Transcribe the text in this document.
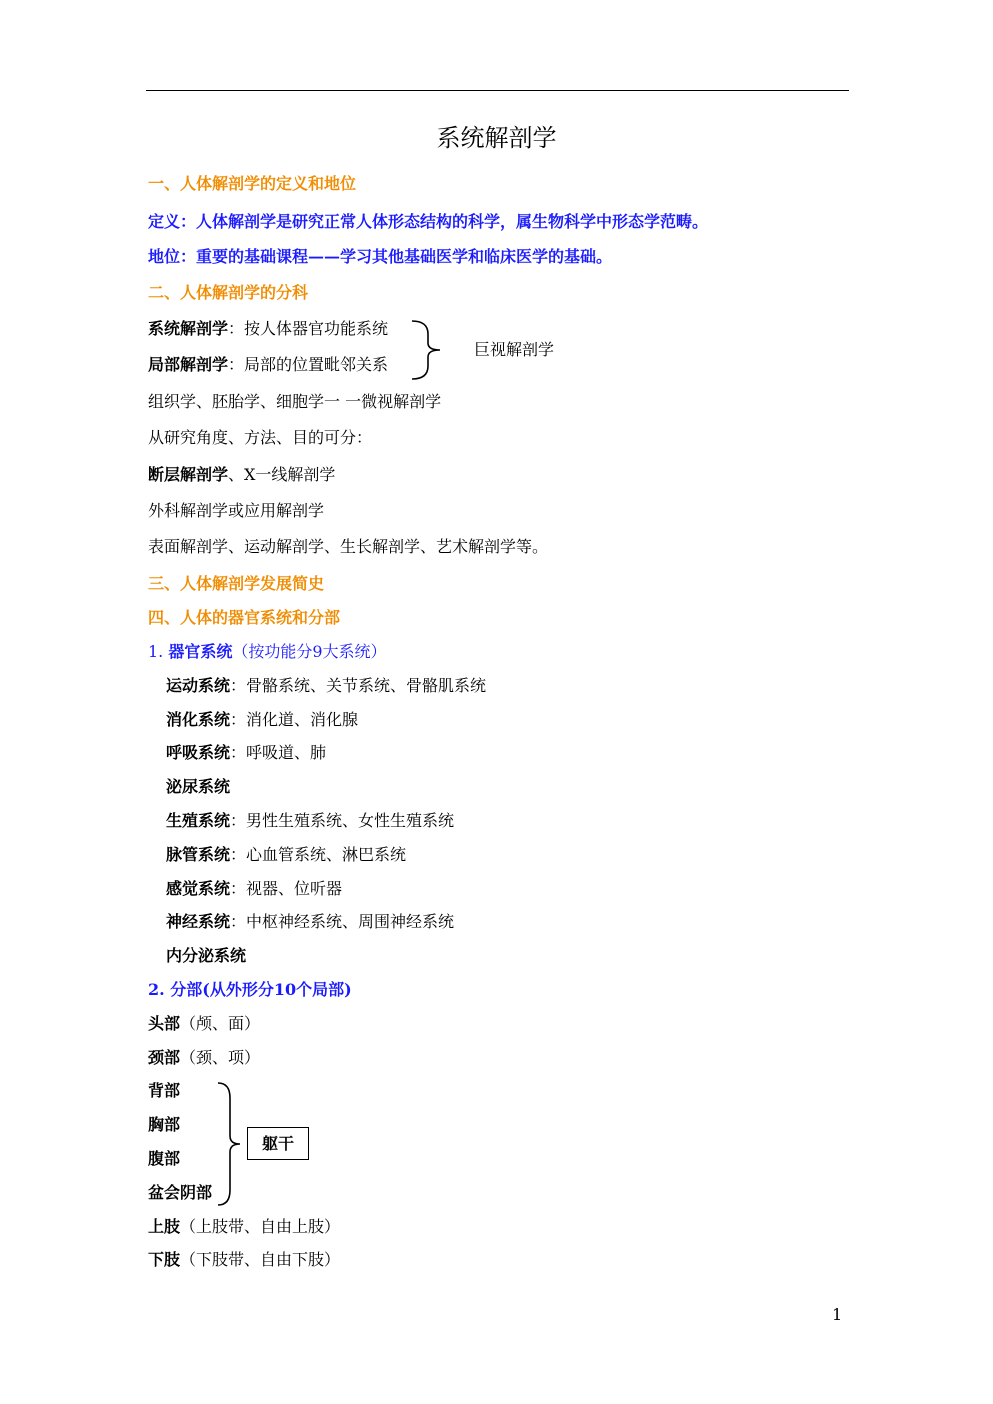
系统解剖学
一、人体解剖学的定义和地位
定义：人体解剖学是研究正常人体形态结构的科学，属生物科学中形态学范畴。
地位：重要的基础课程——学习其他基础医学和临床医学的基础。
二、人体解剖学的分科
系统解剖学：按人体器官功能系统
局部解剖学：局部的位置毗邻关系
巨视解剖学
组织学、胚胎学、细胞学一 一微视解剖学
从研究角度、方法、目的可分：
断层解剖学、X一线解剖学
外科解剖学或应用解剖学
表面解剖学、运动解剖学、生长解剖学、艺术解剖学等。
三、人体解剖学发展简史
四、人体的器官系统和分部
1. 器官系统（按功能分9大系统）
运动系统：骨骼系统、关节系统、骨骼肌系统
消化系统：消化道、消化腺
呼吸系统：呼吸道、肺
泌尿系统
生殖系统：男性生殖系统、女性生殖系统
脉管系统：心血管系统、淋巴系统
感觉系统：视器、位听器
神经系统：中枢神经系统、周围神经系统
内分泌系统
2. 分部(从外形分10个局部)
头部（颅、面）
颈部（颈、项）
背部
胸部
腹部
盆会阴部
躯干
上肢（上肢带、自由上肢）
下肢（下肢带、自由下肢）
1
